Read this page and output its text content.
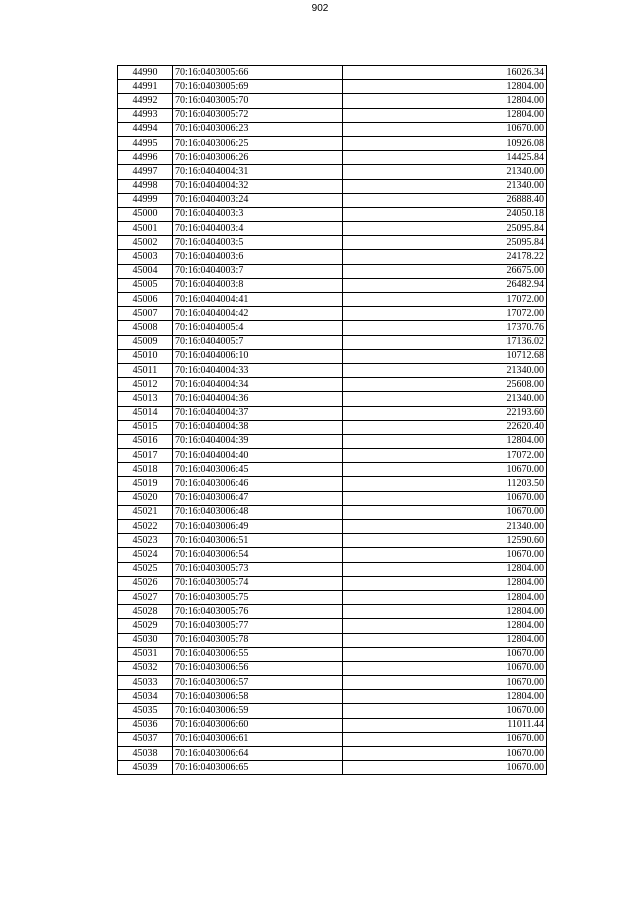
902
44990	70:16:0403005:66	16026.34
44991	70:16:0403005:69	12804.00
44992	70:16:0403005:70	12804.00
44993	70:16:0403005:72	12804.00
44994	70:16:0403006:23	10670.00
44995	70:16:0403006:25	10926.08
44996	70:16:0403006:26	14425.84
44997	70:16:0404004:31	21340.00
44998	70:16:0404004:32	21340.00
44999	70:16:0404003:24	26888.40
45000	70:16:0404003:3	24050.18
45001	70:16:0404003:4	25095.84
45002	70:16:0404003:5	25095.84
45003	70:16:0404003:6	24178.22
45004	70:16:0404003:7	26675.00
45005	70:16:0404003:8	26482.94
45006	70:16:0404004:41	17072.00
45007	70:16:0404004:42	17072.00
45008	70:16:0404005:4	17370.76
45009	70:16:0404005:7	17136.02
45010	70:16:0404006:10	10712.68
45011	70:16:0404004:33	21340.00
45012	70:16:0404004:34	25608.00
45013	70:16:0404004:36	21340.00
45014	70:16:0404004:37	22193.60
45015	70:16:0404004:38	22620.40
45016	70:16:0404004:39	12804.00
45017	70:16:0404004:40	17072.00
45018	70:16:0403006:45	10670.00
45019	70:16:0403006:46	11203.50
45020	70:16:0403006:47	10670.00
45021	70:16:0403006:48	10670.00
45022	70:16:0403006:49	21340.00
45023	70:16:0403006:51	12590.60
45024	70:16:0403006:54	10670.00
45025	70:16:0403005:73	12804.00
45026	70:16:0403005:74	12804.00
45027	70:16:0403005:75	12804.00
45028	70:16:0403005:76	12804.00
45029	70:16:0403005:77	12804.00
45030	70:16:0403005:78	12804.00
45031	70:16:0403006:55	10670.00
45032	70:16:0403006:56	10670.00
45033	70:16:0403006:57	10670.00
45034	70:16:0403006:58	12804.00
45035	70:16:0403006:59	10670.00
45036	70:16:0403006:60	11011.44
45037	70:16:0403006:61	10670.00
45038	70:16:0403006:64	10670.00
45039	70:16:0403006:65	10670.00
